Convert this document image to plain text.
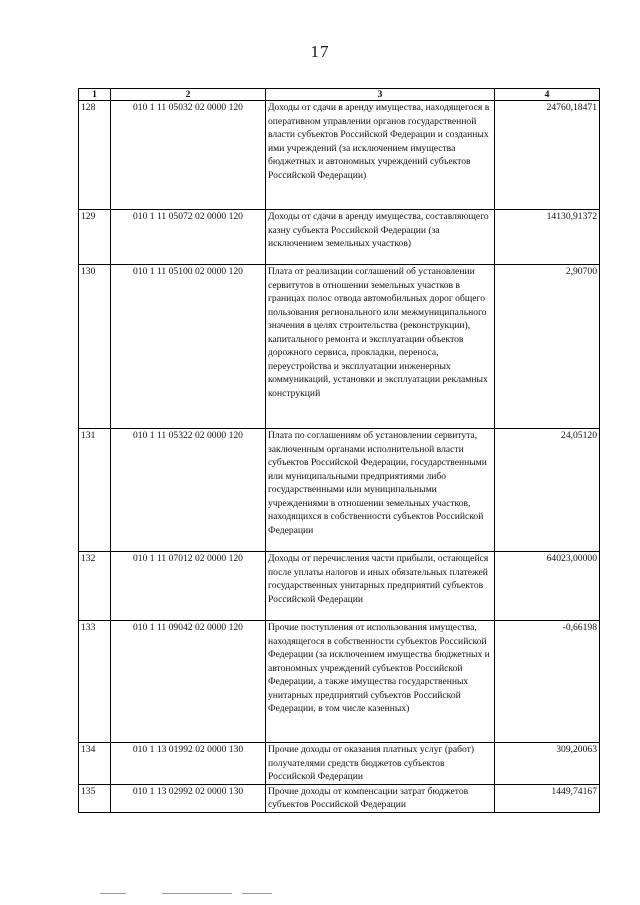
17
1	2	3	4
128	010 1 11 05032 02 0000 120	Доходы от сдачи в аренду имущества, находящегося в оперативном управлении органов государственной власти субъектов Российской Федерации и созданных ими учреждений (за исключением имущества бюджетных и автономных учреждений субъектов Российской Федерации)	24760,18471
129	010 1 11 05072 02 0000 120	Доходы от сдачи в аренду имущества, составляющего казну субъекта Российской Федерации (за исключением земельных участков)	14130,91372
130	010 1 11 05100 02 0000 120	Плата от реализации соглашений об установлении сервитутов в отношении земельных участков в границах полос отвода автомобильных дорог общего пользования регионального или межмуниципального значения в целях строительства (реконструкции), капитального ремонта и эксплуатации объектов дорожного сервиса, прокладки, переноса, переустройства и эксплуатации инженерных коммуникаций, установки и эксплуатации рекламных конструкций	2,90700
131	010 1 11 05322 02 0000 120	Плата по соглашениям об установлении сервитута, заключенным органами исполнительной власти субъектов Российской Федерации, государственными или муниципальными предприятиями либо государственными или муниципальными учреждениями в отношении земельных участков, находящихся в собственности субъектов Российской Федерации	24,05120
132	010 1 11 07012 02 0000 120	Доходы от перечисления части прибыли, остающейся после уплаты налогов и иных обязательных платежей государственных унитарных предприятий субъектов Российской Федерации	64023,00000
133	010 1 11 09042 02 0000 120	Прочие поступления от использования имущества, находящегося в собственности субъектов Российской Федерации (за исключением имущества бюджетных и автономных учреждений субъектов Российской Федерации, а также имущества государственных унитарных предприятий субъектов Российской Федерации, в том числе казенных)	-0,66198
134	010 1 13 01992 02 0000 130	Прочие доходы от оказания платных услуг (работ) получателями средств бюджетов субъектов Российской Федерации	309,20063
135	010 1 13 02992 02 0000 130	Прочие доходы от компенсации затрат бюджетов субъектов Российской Федерации	1449,74167
